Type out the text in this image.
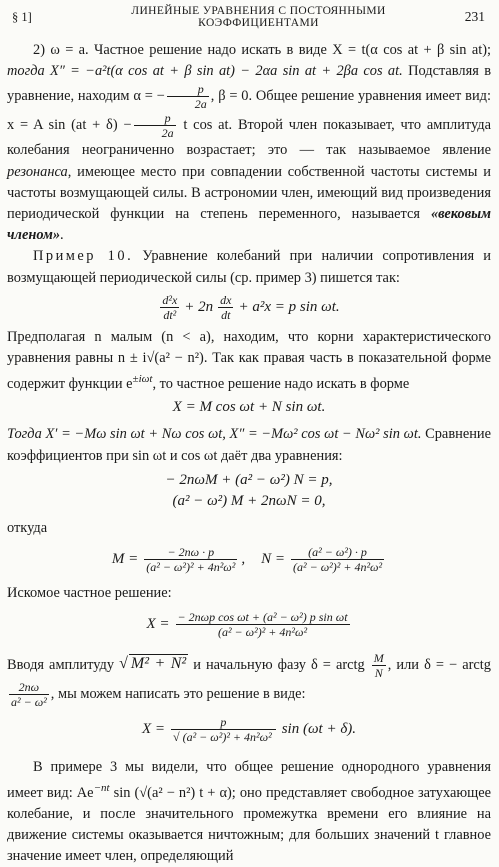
§ 1]	ЛИНЕЙНЫЕ УРАВНЕНИЯ С ПОСТОЯННЫМИ КОЭФФИЦИЕНТАМИ	231

2) ω = a. Частное решение надо искать в виде X = t(α cos at + β sin at); тогда X″ = −a²t(α cos at + β sin at) − 2αa sin at + 2βa cos at. Подставляя в уравнение, находим α = − $\frac{p}{2a}$ , β = 0. Общее решение уравнения имеет вид: x = A $\sin (at + \delta) - \frac{p}{2a}$ t cos at. Второй член показывает, что амплитуда колебания неограниченно возрастает; это — так называемое явление резонанса, имеющее место при совпадении собственной частоты системы и частоты возмущающей силы. В астрономии член, имеющий вид произведения периодической функции на степень переменного, называется «вековым членом».

Пример 10. Уравнение колебаний при наличии сопротивления и возмущающей периодической силы (ср. пример 3) пишется так:

$\frac{\text{d²x}}{\text{dt²}} + 2n \frac{dx}{dt} + a^2x = p$ sin ωt.

Предполагая n малым (n < a), находим, что корни характеристического уравнения равны n ± i√(a² − n²). Так как правая часть в показательной форме содержит функции $e^{\pm i\omega t}$, то частное решение надо искать в форме

X = M cos ωt + N sin ωt.

Тогда X′ = −Mω sin ωt + Nω cos ωt, X″ = −Mω² cos ωt − Nω² sin ωt. Сравнение коэффициентов при sin ωt и cos ωt даёт два уравнения:

− 2nωM + (a² − ω²) N = p,

(a² − ω²) M + 2nωN = 0,

откуда

$M = \frac{- 2n\omega \cdot p}{\text{(a² − ω²)² + 4n²ω²}}$ , $N = \frac{\text{(a² − ω²) · p}}{\text{(a² − ω²)² + 4n²ω²}}$

Искомое частное решение:

$X = \frac{\text{− 2nωp cos ωt + (a² − ω²) p sin ωt}}{\text{(a² − ω²)² + 4n²ω²}}$

Вводя амплитуду √ M² + N² и начальную фазу δ = arctg $\frac{M}{N}$ , или δ = − arctg
$\frac{2n\omega}{\text{a² − ω²}}$ , мы можем написать это решение в виде:

$X = \frac{p}{\text{√ (a² − ω²)² + 4n²ω²}}$ sin (ωt + δ).

В примере 3 мы видели, что общее решение однородного уравнения имеет вид: $Ae^{-nt}$ sin (√(a² − n²) t + α); оно представляет свободное затухающее колебание, и после значительного промежутка времени его влияние на движение системы оказывается ничтожным; для больших значений t главное значение имеет член, определяющий
